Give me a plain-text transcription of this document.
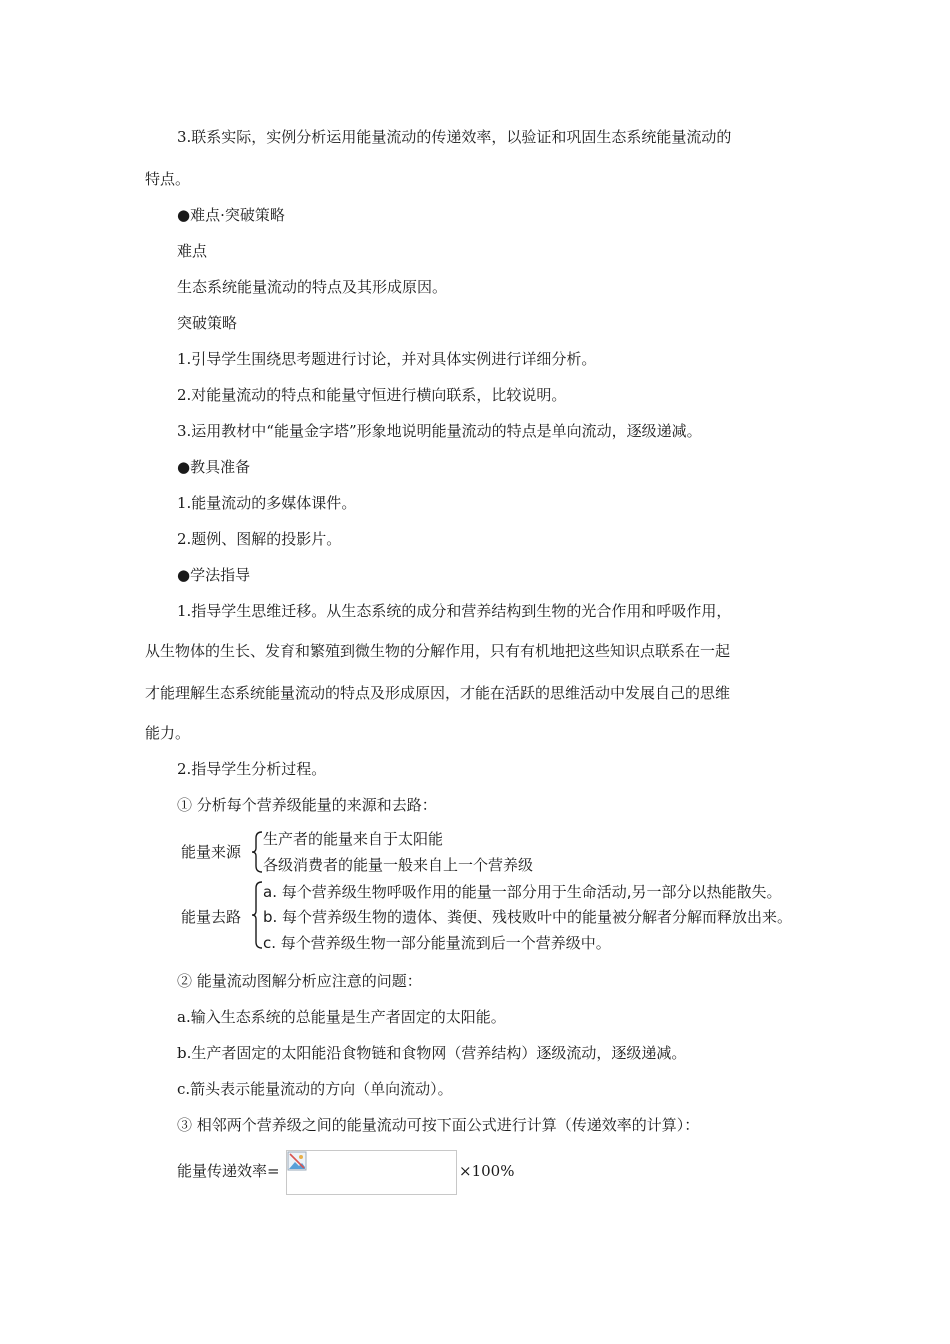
3.联系实际，实例分析运用能量流动的传递效率，以验证和巩固生态系统能量流动的
特点。
●难点·突破策略
难点
生态系统能量流动的特点及其形成原因。
突破策略
1.引导学生围绕思考题进行讨论，并对具体实例进行详细分析。
2.对能量流动的特点和能量守恒进行横向联系，比较说明。
3.运用教材中“能量金字塔”形象地说明能量流动的特点是单向流动，逐级递减。
●教具准备
1.能量流动的多媒体课件。
2.题例、图解的投影片。
●学法指导
1.指导学生思维迁移。从生态系统的成分和营养结构到生物的光合作用和呼吸作用，
从生物体的生长、发育和繁殖到微生物的分解作用，只有有机地把这些知识点联系在一起
才能理解生态系统能量流动的特点及形成原因，才能在活跃的思维活动中发展自己的思维
能力。
2.指导学生分析过程。
① 分析每个营养级能量的来源和去路：
能量来源
生产者的能量来自于太阳能
各级消费者的能量一般来自上一个营养级
能量去路
a. 每个营养级生物呼吸作用的能量一部分用于生命活动,另一部分以热能散失。
b. 每个营养级生物的遗体、粪便、残枝败叶中的能量被分解者分解而释放出来。
c. 每个营养级生物一部分能量流到后一个营养级中。
② 能量流动图解分析应注意的问题：
a.输入生态系统的总能量是生产者固定的太阳能。
b.生产者固定的太阳能沿食物链和食物网（营养结构）逐级流动，逐级递减。
c.箭头表示能量流动的方向（单向流动）。
③ 相邻两个营养级之间的能量流动可按下面公式进行计算（传递效率的计算）：
能量传递效率=	×100%
